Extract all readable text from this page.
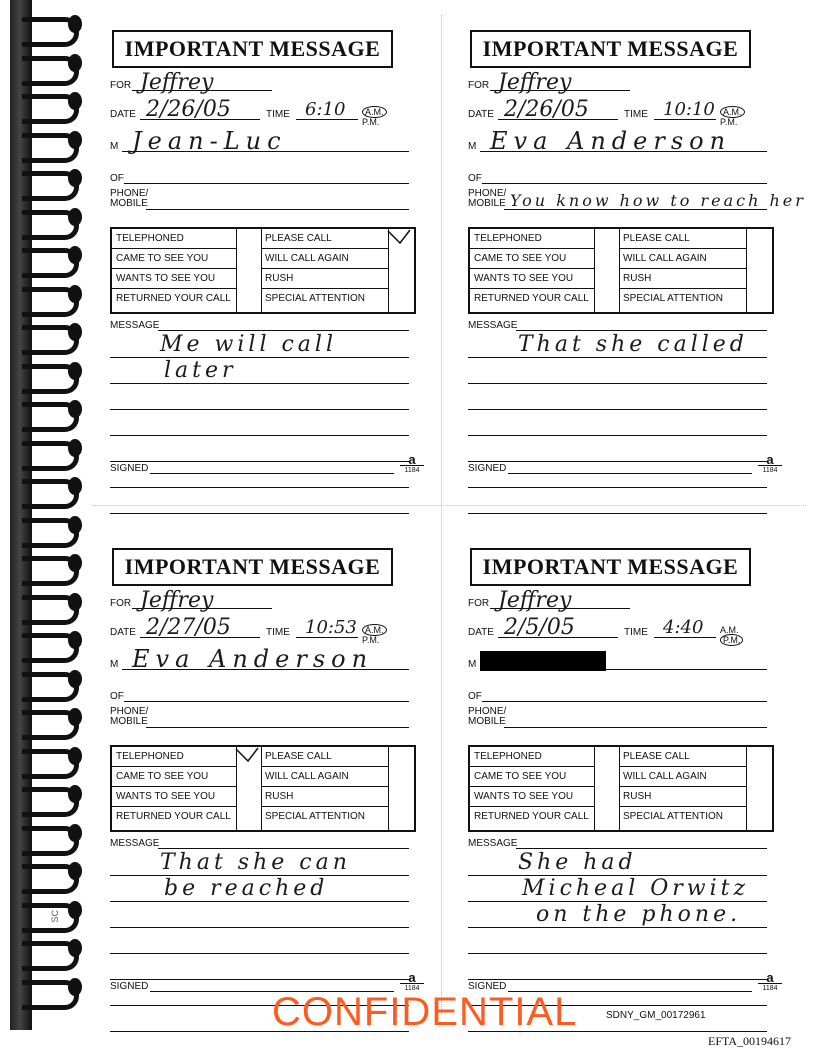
SC
IMPORTANT MESSAGE
FOR Jeffrey
DATE 2/26/05	TIME 6:10	A.M.
P.M.
M Jean-Luc
OF
PHONE/
MOBILE
TELEPHONED	PLEASE CALL
CAME TO SEE YOU	WILL CALL AGAIN
WANTS TO SEE YOU	RUSH
RETURNED YOUR CALL	SPECIAL ATTENTION
MESSAGE
Me will call
later
SIGNED
a
1184
IMPORTANT MESSAGE
FOR Jeffrey
DATE 2/26/05	TIME 10:10 A.M.
P.M.
M Eva Anderson
OF
PHONE/
MOBILE You know how to reach her
TELEPHONED	PLEASE CALL
CAME TO SEE YOU	WILL CALL AGAIN
WANTS TO SEE YOU	RUSH
RETURNED YOUR CALL	SPECIAL ATTENTION
MESSAGE
That she called
SIGNED
a
1184
IMPORTANT MESSAGE
FOR Jeffrey
DATE 2/27/05	TIME 10:53 A.M.
P.M.
M Eva Anderson
OF
PHONE/
MOBILE
TELEPHONED	PLEASE CALL
CAME TO SEE YOU	WILL CALL AGAIN
WANTS TO SEE YOU	RUSH
RETURNED YOUR CALL	SPECIAL ATTENTION
MESSAGE
That she can
be reached
SIGNED
a
1184
IMPORTANT MESSAGE
FOR Jeffrey
DATE 2/5/05	TIME 4:40 A.M.
P.M.
M
OF
PHONE/
MOBILE
TELEPHONED	PLEASE CALL
CAME TO SEE YOU	WILL CALL AGAIN
WANTS TO SEE YOU	RUSH
RETURNED YOUR CALL	SPECIAL ATTENTION
MESSAGE
She had
Micheal Orwitz
on the phone.
SIGNED
a
1184
CONFIDENTIAL	SDNY_GM_00172961
EFTA_00194617
